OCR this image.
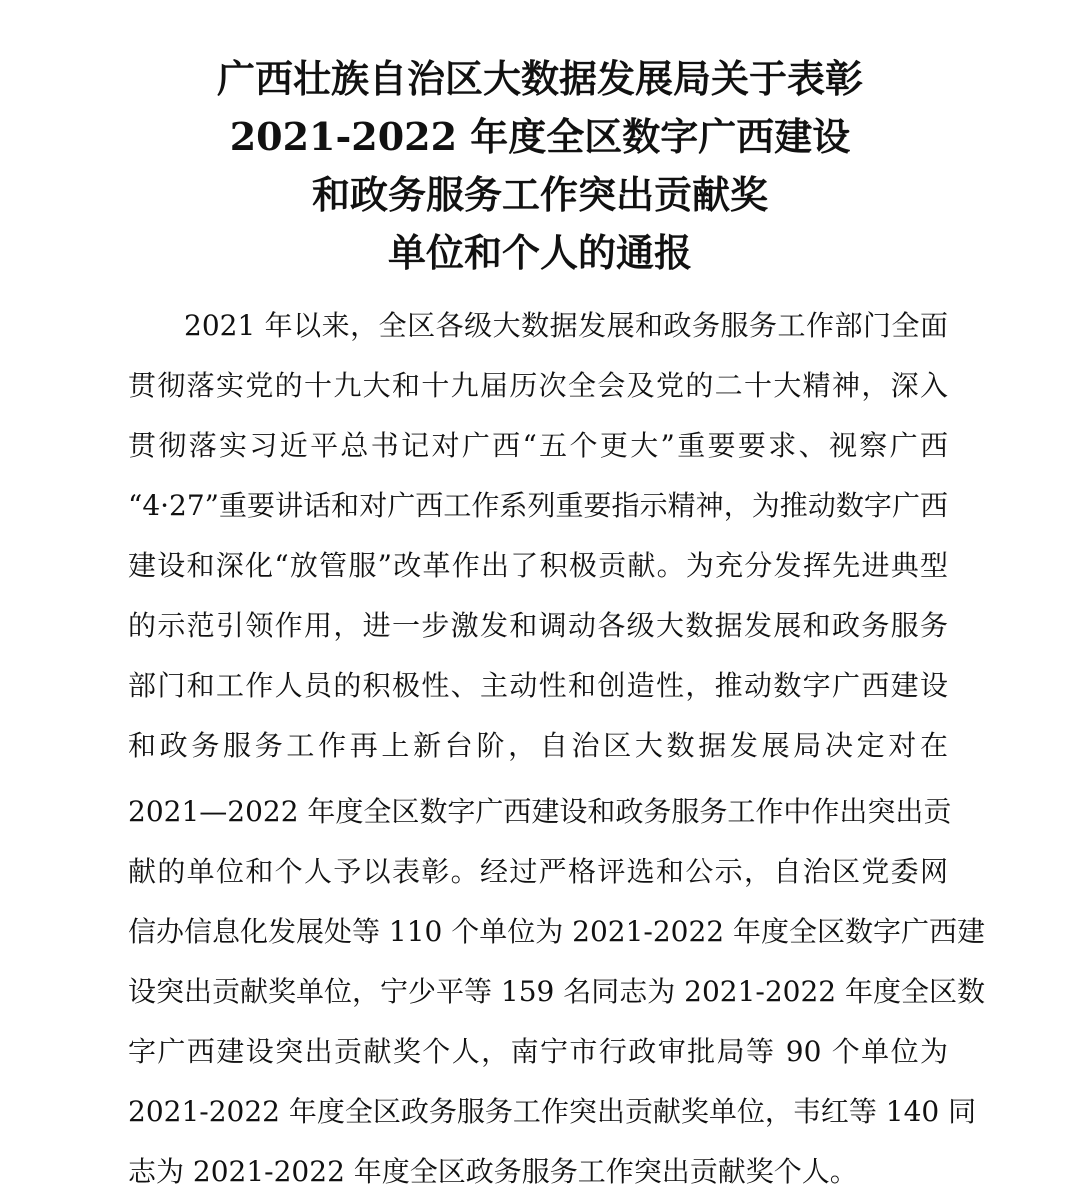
广西壮族自治区大数据发展局关于表彰
2021-2022 年度全区数字广西建设
和政务服务工作突出贡献奖
单位和个人的通报
2021 年以来，全区各级大数据发展和政务服务工作部门全面
贯彻落实党的十九大和十九届历次全会及党的二十大精神，深入
贯彻落实习近平总书记对广西“五个更大”重要要求、视察广西
“4·27”重要讲话和对广西工作系列重要指示精神，为推动数字广西
建设和深化“放管服”改革作出了积极贡献。为充分发挥先进典型
的示范引领作用，进一步激发和调动各级大数据发展和政务服务
部门和工作人员的积极性、主动性和创造性，推动数字广西建设
和政务服务工作再上新台阶，自治区大数据发展局决定对在
2021—2022 年度全区数字广西建设和政务服务工作中作出突出贡
献的单位和个人予以表彰。经过严格评选和公示，自治区党委网
信办信息化发展处等 110 个单位为 2021-2022 年度全区数字广西建
设突出贡献奖单位，宁少平等 159 名同志为 2021-2022 年度全区数
字广西建设突出贡献奖个人，南宁市行政审批局等 90 个单位为
2021-2022 年度全区政务服务工作突出贡献奖单位，韦红等 140 同
志为 2021-2022 年度全区政务服务工作突出贡献奖个人。
